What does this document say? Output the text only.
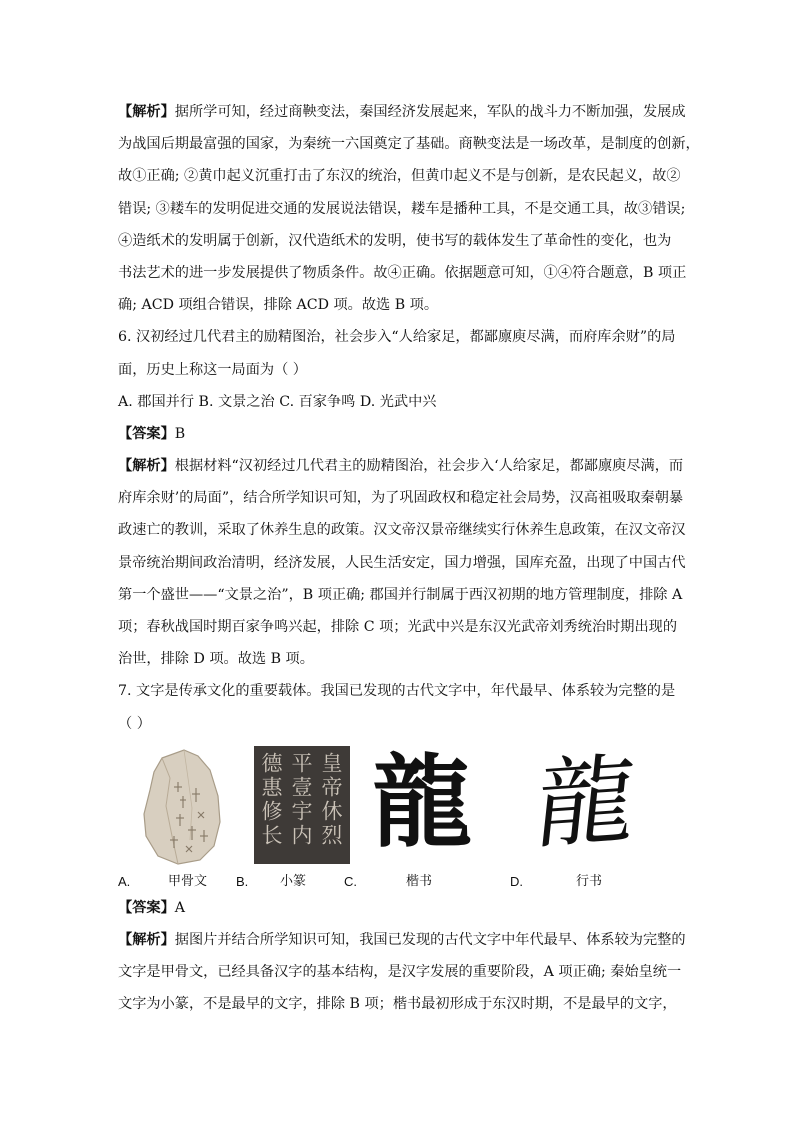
【解析】据所学可知，经过商鞅变法，秦国经济发展起来，军队的战斗力不断加强，发展成
为战国后期最富强的国家，为秦统一六国奠定了基础。商鞅变法是一场改革，是制度的创新，
故①正确; ②黄巾起义沉重打击了东汉的统治，但黄巾起义不是与创新，是农民起义，故②
错误; ③耧车的发明促进交通的发展说法错误，耧车是播种工具，不是交通工具，故③错误;
④造纸术的发明属于创新，汉代造纸术的发明，使书写的载体发生了革命性的变化，也为
书法艺术的进一步发展提供了物质条件。故④正确。依据题意可知，①④符合题意，B 项正
确; ACD 项组合错误，排除 ACD 项。故选 B 项。
6. 汉初经过几代君主的励精图治，社会步入“人给家足，都鄙廪庾尽满，而府库余财”的局
面，历史上称这一局面为（ ）
A. 郡国并行 B. 文景之治 C. 百家争鸣 D. 光武中兴
【答案】B
【解析】根据材料“汉初经过几代君主的励精图治，社会步入‘人给家足，都鄙廪庾尽满，而
府库余财’的局面”，结合所学知识可知，为了巩固政权和稳定社会局势，汉高祖吸取秦朝暴
政速亡的教训，采取了休养生息的政策。汉文帝汉景帝继续实行休养生息政策，在汉文帝汉
景帝统治期间政治清明，经济发展，人民生活安定，国力增强，国库充盈，出现了中国古代
第一个盛世——“文景之治”，B 项正确; 郡国并行制属于西汉初期的地方管理制度，排除 A
项；春秋战国时期百家争鸣兴起，排除 C 项；光武中兴是东汉光武帝刘秀统治时期出现的
治世，排除 D 项。故选 B 项。
7. 文字是传承文化的重要载体。我国已发现的古代文字中，年代最早、体系较为完整的是
（ ）
A.	甲骨文
皇帝休烈 平壹宇内 德惠修长
B. 小篆
龍
C.	楷书
龍
D.	行书
【答案】A
【解析】据图片并结合所学知识可知，我国已发现的古代文字中年代最早、体系较为完整的
文字是甲骨文，已经具备汉字的基本结构，是汉字发展的重要阶段，A 项正确; 秦始皇统一
文字为小篆，不是最早的文字，排除 B 项；楷书最初形成于东汉时期，不是最早的文字，
